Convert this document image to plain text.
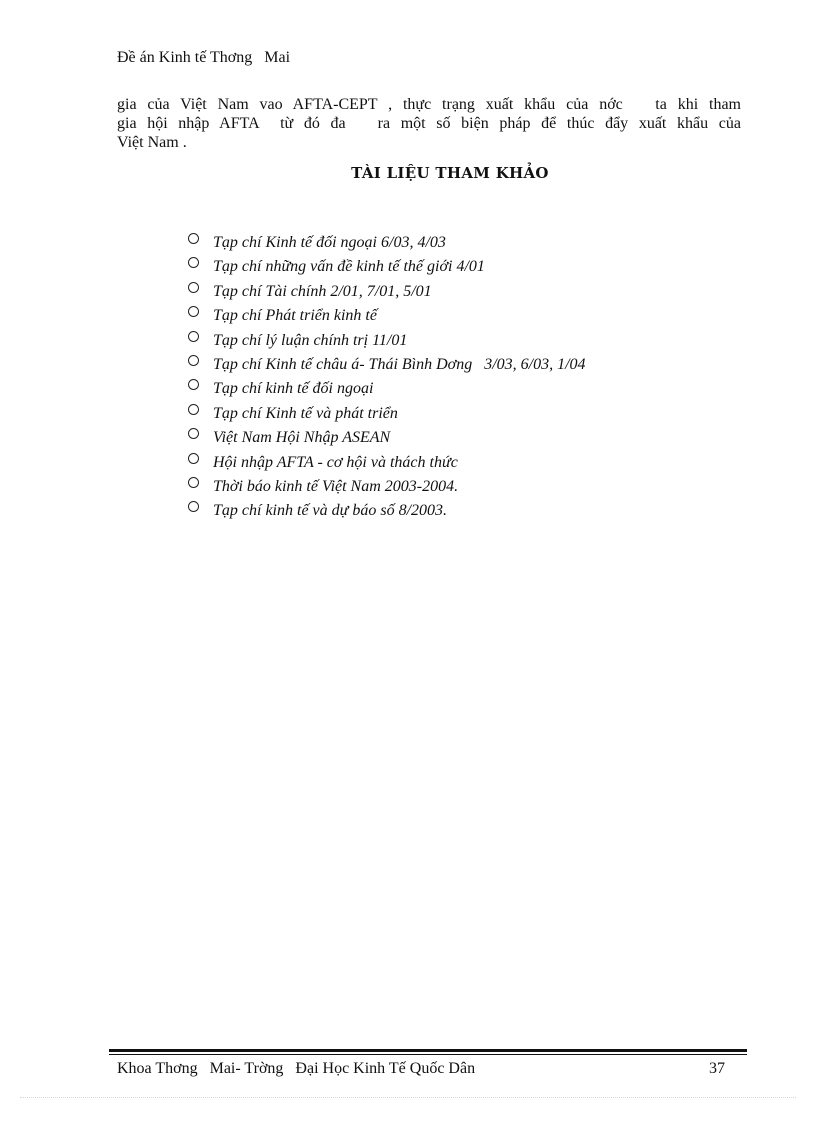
Đề án Kinh tế Thơng   Mai
gia của Việt Nam vao AFTA-CEPT , thực trạng xuất khẩu của nớc   ta khi tham
gia hội nhập AFTA  từ đó đa   ra một số biện pháp để thúc đẩy xuất khẩu của
Việt Nam .
TÀI LIỆU THAM KHẢO
Tạp chí Kinh tế đối ngoại 6/03, 4/03
Tạp chí những vấn đề kinh tế thế giới 4/01
Tạp chí Tài chính 2/01, 7/01, 5/01
Tạp chí Phát triển kinh tế
Tạp chí lý luận chính trị 11/01
Tạp chí Kinh tế châu á- Thái Bình Dơng   3/03, 6/03, 1/04
Tạp chí kinh tế đối ngoại
Tạp chí Kinh tế và phát triển
Việt Nam Hội Nhập ASEAN
Hội nhập AFTA - cơ hội và thách thức
Thời báo kinh tế Việt Nam 2003-2004.
Tạp chí kinh tế và dự báo số 8/2003.
Khoa Thơng   Mai- Trờng   Đại Học Kinh Tế Quốc Dân	37
